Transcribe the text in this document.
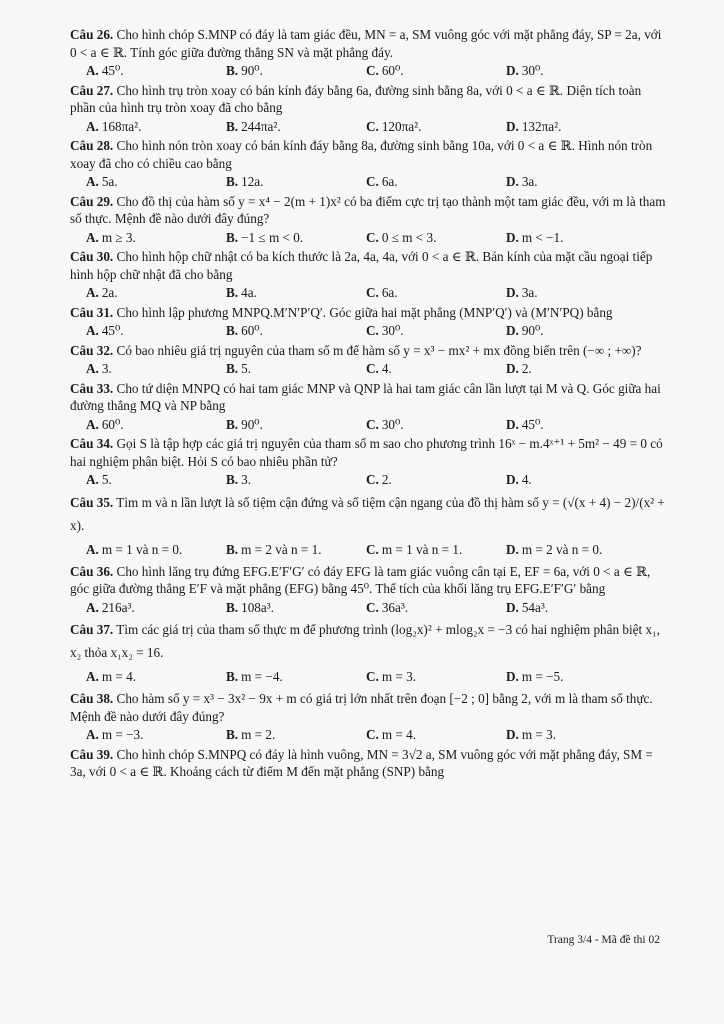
Câu 26. Cho hình chóp S.MNP có đáy là tam giác đều, MN = a, SM vuông góc với mặt phẳng đáy, SP = 2a, với 0 < a ∈ ℝ. Tính góc giữa đường thẳng SN và mặt phẳng đáy.
A. 45⁰.	B. 90⁰.	C. 60⁰.	D. 30⁰.
Câu 27. Cho hình trụ tròn xoay có bán kính đáy bằng 6a, đường sinh bằng 8a, với 0 < a ∈ ℝ. Diện tích toàn phần của hình trụ tròn xoay đã cho bằng
A. 168πa².	B. 244πa².	C. 120πa².	D. 132πa².
Câu 28. Cho hình nón tròn xoay có bán kính đáy bằng 8a, đường sinh bằng 10a, với 0 < a ∈ ℝ. Hình nón tròn xoay đã cho có chiều cao bằng
A. 5a.	B. 12a.	C. 6a.	D. 3a.
Câu 29. Cho đồ thị của hàm số y = x⁴ − 2(m + 1)x² có ba điểm cực trị tạo thành một tam giác đều, với m là tham số thực. Mệnh đề nào dưới đây đúng?
A. m ≥ 3.	B. −1 ≤ m < 0.	C. 0 ≤ m < 3.	D. m < −1.
Câu 30. Cho hình hộp chữ nhật có ba kích thước là 2a, 4a, 4a, với 0 < a ∈ ℝ. Bán kính của mặt cầu ngoại tiếp hình hộp chữ nhật đã cho bằng
A. 2a.	B. 4a.	C. 6a.	D. 3a.
Câu 31. Cho hình lập phương MNPQ.M′N′P′Q′. Góc giữa hai mặt phẳng (MNP′Q′) và (M′N′PQ) bằng
A. 45⁰.	B. 60⁰.	C. 30⁰.	D. 90⁰.
Câu 32. Có bao nhiêu giá trị nguyên của tham số m để hàm số y = x³ − mx² + mx đồng biến trên (−∞ ; +∞)?
A. 3.	B. 5.	C. 4.	D. 2.
Câu 33. Cho tứ diện MNPQ có hai tam giác MNP và QNP là hai tam giác cân lần lượt tại M và Q. Góc giữa hai đường thẳng MQ và NP bằng
A. 60⁰.	B. 90⁰.	C. 30⁰.	D. 45⁰.
Câu 34. Gọi S là tập hợp các giá trị nguyên của tham số m sao cho phương trình 16ˣ − m.4ˣ⁺¹ + 5m² − 49 = 0 có hai nghiệm phân biệt. Hỏi S có bao nhiêu phần tử?
A. 5.	B. 3.	C. 2.	D. 4.
Câu 35. Tìm m và n lần lượt là số tiệm cận đứng và số tiệm cận ngang của đồ thị hàm số y = (√(x + 4) − 2)/(x² + x).
A. m = 1 và n = 0.	B. m = 2 và n = 1.	C. m = 1 và n = 1.	D. m = 2 và n = 0.
Câu 36. Cho hình lăng trụ đứng EFG.E′F′G′ có đáy EFG là tam giác vuông cân tại E, EF = 6a, với 0 < a ∈ ℝ, góc giữa đường thẳng E′F và mặt phẳng (EFG) bằng 45⁰. Thể tích của khối lăng trụ EFG.E′F′G′ bằng
A. 216a³.	B. 108a³.	C. 36a³.	D. 54a³.
Câu 37. Tìm các giá trị của tham số thực m để phương trình (log₂x)² + mlog₂x = −3 có hai nghiệm phân biệt x₁, x₂ thỏa x₁x₂ = 16.
A. m = 4.	B. m = −4.	C. m = 3.	D. m = −5.
Câu 38. Cho hàm số y = x³ − 3x² − 9x + m có giá trị lớn nhất trên đoạn [−2 ; 0] bằng 2, với m là tham số thực. Mệnh đề nào dưới đây đúng?
A. m = −3.	B. m = 2.	C. m = 4.	D. m = 3.
Câu 39. Cho hình chóp S.MNPQ có đáy là hình vuông, MN = 3√2 a, SM vuông góc với mặt phẳng đáy, SM = 3a, với 0 < a ∈ ℝ. Khoảng cách từ điểm M đến mặt phẳng (SNP) bằng
Trang 3/4 - Mã đề thi 02
